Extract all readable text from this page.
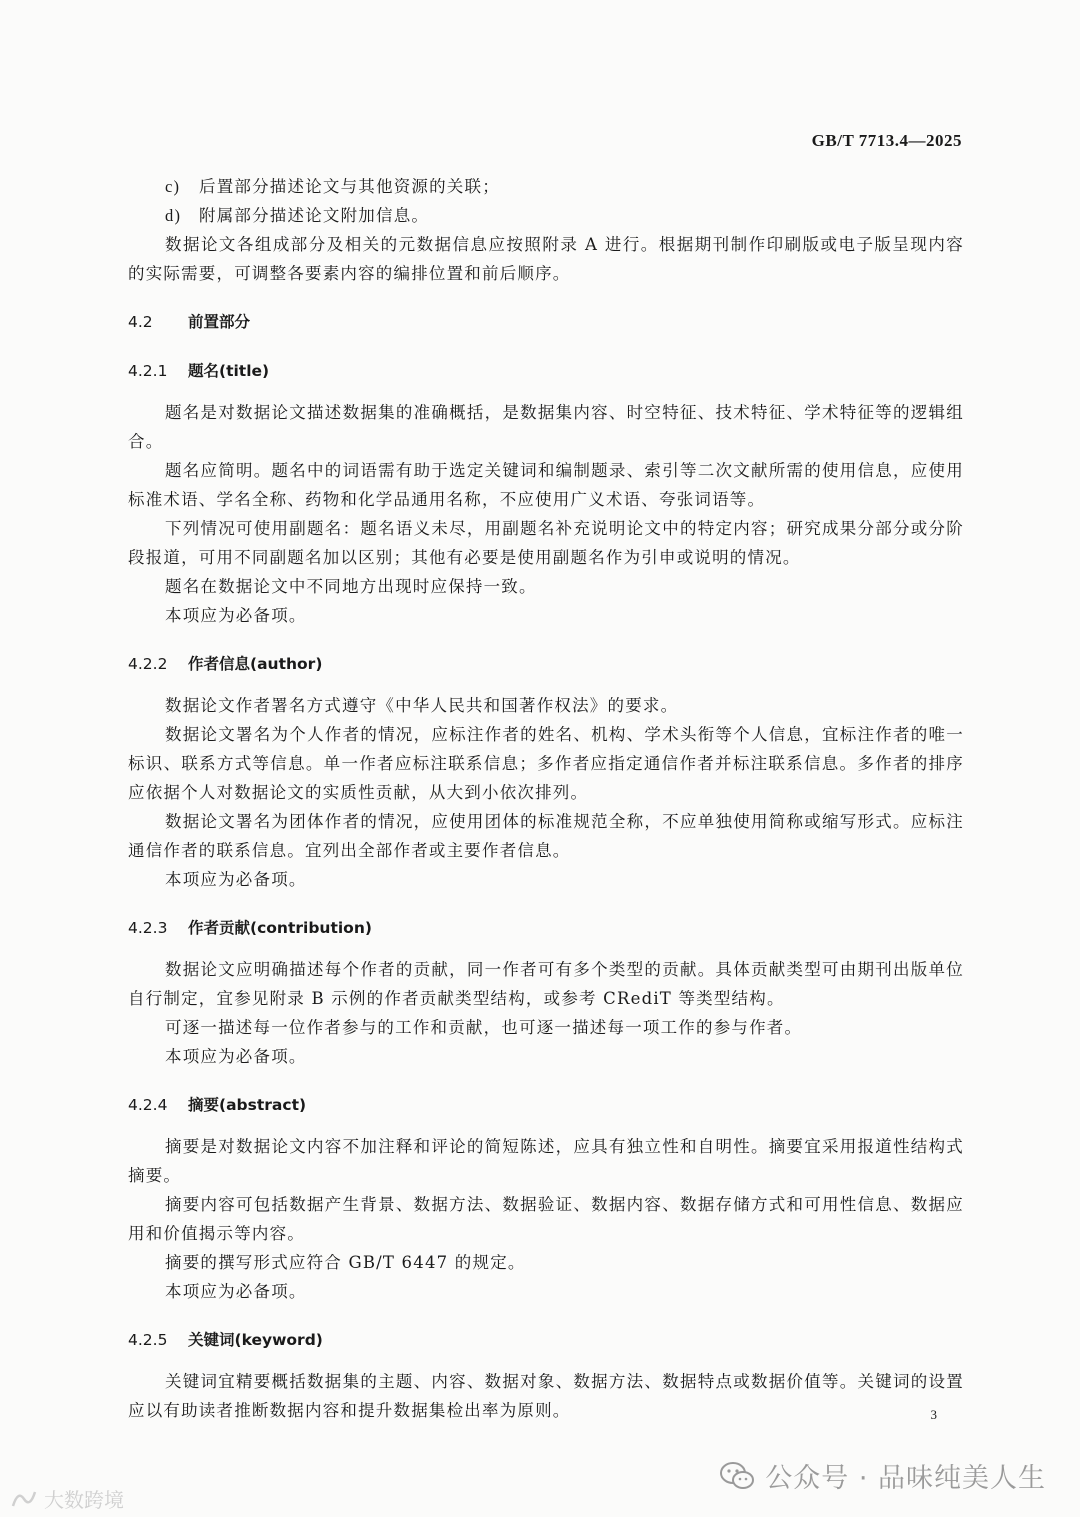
GB/T 7713.4—2025

c) 后置部分描述论文与其他资源的关联；

d) 附属部分描述论文附加信息。

数据论文各组成部分及相关的元数据信息应按照附录 A 进行。根据期刊制作印刷版或电子版呈现内容的实际需要，可调整各要素内容的编排位置和前后顺序。

4.2 前置部分
4.2.1 题名(title)

题名是对数据论文描述数据集的准确概括，是数据集内容、时空特征、技术特征、学术特征等的逻辑组合。

题名应简明。题名中的词语需有助于选定关键词和编制题录、索引等二次文献所需的使用信息，应使用标准术语、学名全称、药物和化学品通用名称，不应使用广义术语、夸张词语等。

下列情况可使用副题名：题名语义未尽，用副题名补充说明论文中的特定内容；研究成果分部分或分阶段报道，可用不同副题名加以区别；其他有必要是使用副题名作为引申或说明的情况。

题名在数据论文中不同地方出现时应保持一致。

本项应为必备项。

4.2.2 作者信息(author)

数据论文作者署名方式遵守《中华人民共和国著作权法》的要求。

数据论文署名为个人作者的情况，应标注作者的姓名、机构、学术头衔等个人信息，宜标注作者的唯一标识、联系方式等信息。单一作者应标注联系信息；多作者应指定通信作者并标注联系信息。多作者的排序应依据个人对数据论文的实质性贡献，从大到小依次排列。

数据论文署名为团体作者的情况，应使用团体的标准规范全称，不应单独使用简称或缩写形式。应标注通信作者的联系信息。宜列出全部作者或主要作者信息。

本项应为必备项。

4.2.3 作者贡献(contribution)

数据论文应明确描述每个作者的贡献，同一作者可有多个类型的贡献。具体贡献类型可由期刊出版单位自行制定，宜参见附录 B 示例的作者贡献类型结构，或参考 CRediT 等类型结构。

可逐一描述每一位作者参与的工作和贡献，也可逐一描述每一项工作的参与作者。

本项应为必备项。

4.2.4 摘要(abstract)

摘要是对数据论文内容不加注释和评论的简短陈述，应具有独立性和自明性。摘要宜采用报道性结构式摘要。

摘要内容可包括数据产生背景、数据方法、数据验证、数据内容、数据存储方式和可用性信息、数据应用和价值揭示等内容。

摘要的撰写形式应符合 GB/T 6447 的规定。

本项应为必备项。

4.2.5 关键词(keyword)

关键词宜精要概括数据集的主题、内容、数据对象、数据方法、数据特点或数据价值等。关键词的设置应以有助读者推断数据内容和提升数据集检出率为原则。	3
大数跨境
公众号 · 品味纯美人生
